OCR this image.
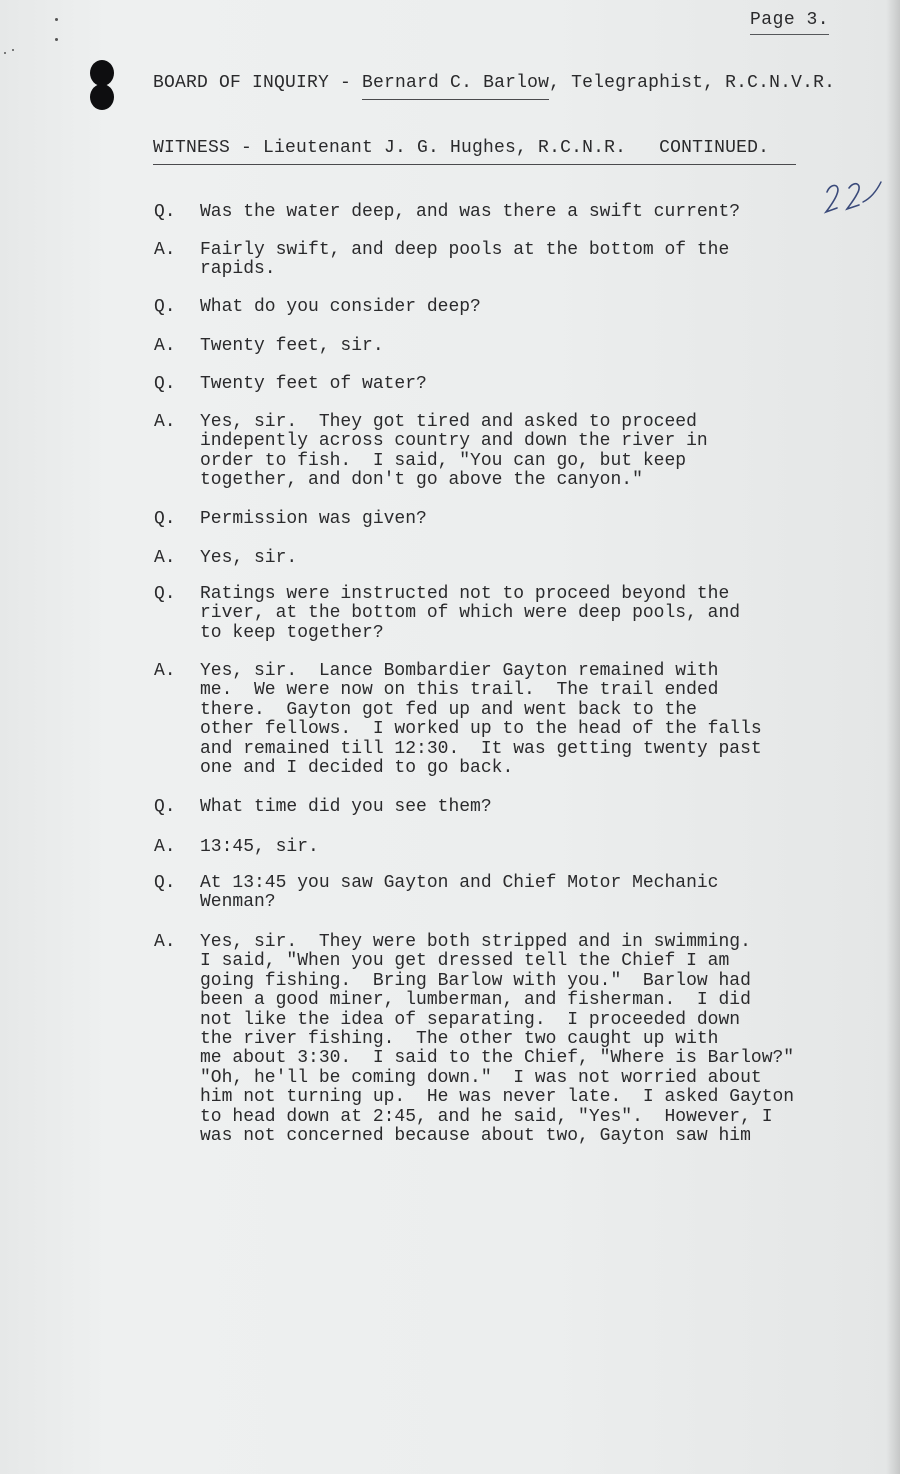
Page 3.
BOARD OF INQUIRY - Bernard C. Barlow, Telegraphist, R.C.N.V.R.
WITNESS - Lieutenant J. G. Hughes, R.C.N.R.   CONTINUED.
Q. Was the water deep, and was there a swift current?
A. Fairly swift, and deep pools at the bottom of the
rapids.
Q. What do you consider deep?
A. Twenty feet, sir.
Q. Twenty feet of water?
A. Yes, sir.  They got tired and asked to proceed
indepently across country and down the river in
order to fish.  I said, "You can go, but keep
together, and don't go above the canyon."
Q. Permission was given?
A. Yes, sir.
Q. Ratings were instructed not to proceed beyond the
river, at the bottom of which were deep pools, and
to keep together?
A. Yes, sir.  Lance Bombardier Gayton remained with
me.  We were now on this trail.  The trail ended
there.  Gayton got fed up and went back to the
other fellows.  I worked up to the head of the falls
and remained till 12:30.  It was getting twenty past
one and I decided to go back.
Q. What time did you see them?
A. 13:45, sir.
Q. At 13:45 you saw Gayton and Chief Motor Mechanic
Wenman?
A. Yes, sir.  They were both stripped and in swimming.
I said, "When you get dressed tell the Chief I am
going fishing.  Bring Barlow with you."  Barlow had
been a good miner, lumberman, and fisherman.  I did
not like the idea of separating.  I proceeded down
the river fishing.  The other two caught up with
me about 3:30.  I said to the Chief, "Where is Barlow?"
"Oh, he'll be coming down."  I was not worried about
him not turning up.  He was never late.  I asked Gayton
to head down at 2:45, and he said, "Yes".  However, I
was not concerned because about two, Gayton saw him
